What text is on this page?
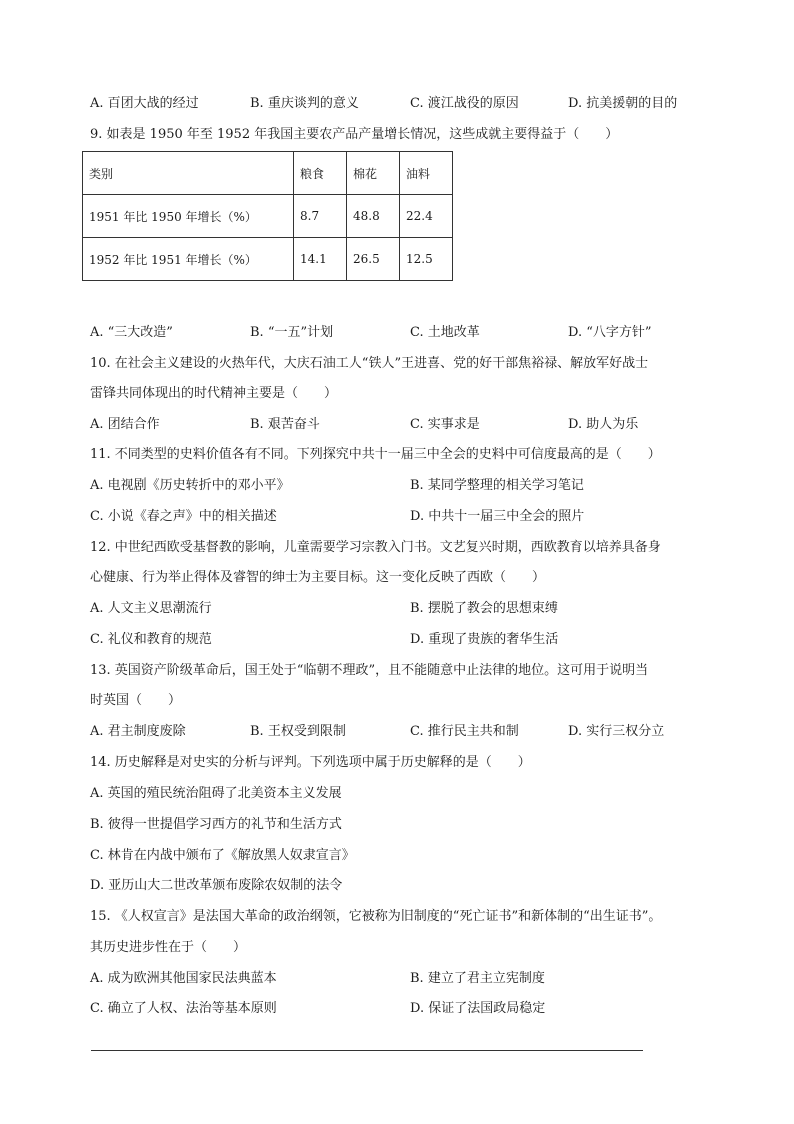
A. 百团大战的经过	B. 重庆谈判的意义	C. 渡江战役的原因	D. 抗美援朝的目的
9. 如表是 1950 年至 1952 年我国主要农产品产量增长情况，这些成就主要得益于（　　）
类别	粮食	棉花	油料
1951 年比 1950 年增长（%）	8.7	48.8	22.4
1952 年比 1951 年增长（%）	14.1	26.5	12.5
A. “三大改造”	B. “一五”计划	C. 土地改革	D. “八字方针”
10. 在社会主义建设的火热年代，大庆石油工人“铁人”王进喜、党的好干部焦裕禄、解放军好战士
雷锋共同体现出的时代精神主要是（　　）
A. 团结合作	B. 艰苦奋斗	C. 实事求是	D. 助人为乐
11. 不同类型的史料价值各有不同。下列探究中共十一届三中全会的史料中可信度最高的是（　　）
A. 电视剧《历史转折中的邓小平》	B. 某同学整理的相关学习笔记
C. 小说《春之声》中的相关描述	D. 中共十一届三中全会的照片
12. 中世纪西欧受基督教的影响，儿童需要学习宗教入门书。文艺复兴时期，西欧教育以培养具备身
心健康、行为举止得体及睿智的绅士为主要目标。这一变化反映了西欧（　　）
A. 人文主义思潮流行	B. 摆脱了教会的思想束缚
C. 礼仪和教育的规范	D. 重现了贵族的奢华生活
13. 英国资产阶级革命后，国王处于“临朝不理政”，且不能随意中止法律的地位。这可用于说明当
时英国（　　）
A. 君主制度废除	B. 王权受到限制	C. 推行民主共和制	D. 实行三权分立
14. 历史解释是对史实的分析与评判。下列选项中属于历史解释的是（　　）
A. 英国的殖民统治阻碍了北美资本主义发展
B. 彼得一世提倡学习西方的礼节和生活方式
C. 林肯在内战中颁布了《解放黑人奴隶宣言》
D. 亚历山大二世改革颁布废除农奴制的法令
15. 《人权宣言》是法国大革命的政治纲领，它被称为旧制度的“死亡证书”和新体制的“出生证书”。
其历史进步性在于（　　）
A. 成为欧洲其他国家民法典蓝本	B. 建立了君主立宪制度
C. 确立了人权、法治等基本原则	D. 保证了法国政局稳定
